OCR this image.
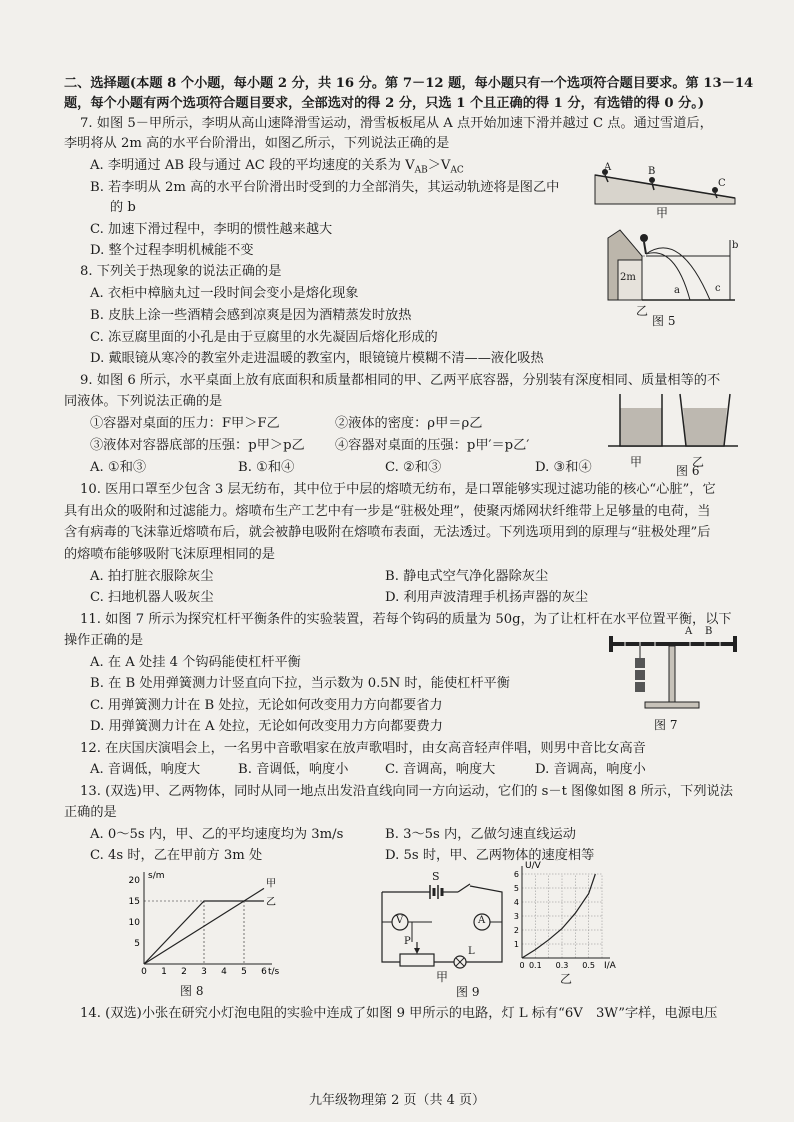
二、选择题(本题 8 个小题，每小题 2 分，共 16 分。第 7－12 题，每小题只有一个选项符合题目要求。第 13－14
题，每个小题有两个选项符合题目要求，全部选对的得 2 分，只选 1 个且正确的得 1 分，有选错的得 0 分。)
7. 如图 5－甲所示，李明从高山速降滑雪运动，滑雪板板尾从 A 点开始加速下滑并越过 C 点。通过雪道后，
李明将从 2m 高的水平台阶滑出，如图乙所示，下列说法正确的是
A. 李明通过 AB 段与通过 AC 段的平均速度的关系为 $V_{AB}>V_{AC}$
B. 若李明从 2m 高的水平台阶滑出时受到的力全部消失，其运动轨迹将是图乙中
的 b
C. 加速下滑过程中，李明的惯性越来越大
D. 整个过程李明机械能不变
A	B
C
甲
2m
a
b
c
乙
图 5
8. 下列关于热现象的说法正确的是
A. 衣柜中樟脑丸过一段时间会变小是熔化现象
B. 皮肤上涂一些酒精会感到凉爽是因为酒精蒸发时放热
C. 冻豆腐里面的小孔是由于豆腐里的水先凝固后熔化形成的
D. 戴眼镜从寒冷的教室外走进温暖的教室内，眼镜镜片模糊不清——液化吸热
9. 如图 6 所示，水平桌面上放有底面积和质量都相同的甲、乙两平底容器，分别装有深度相同、质量相等的不
同液体。下列说法正确的是
①容器对桌面的压力：F甲＞F乙	②液体的密度：ρ甲＝ρ乙
③液体对容器底部的压强：p甲＞p乙 ④容器对桌面的压强：p甲′＝p乙′
A. ①和③	B. ①和④	C. ②和③	D. ③和④	甲	乙
图 6
10. 医用口罩至少包含 3 层无纺布，其中位于中层的熔喷无纺布，是口罩能够实现过滤功能的核心“心脏”，它
具有出众的吸附和过滤能力。熔喷布生产工艺中有一步是“驻极处理”，使聚丙烯网状纤维带上足够量的电荷，当
含有病毒的飞沫靠近熔喷布后，就会被静电吸附在熔喷布表面，无法透过。下列选项用到的原理与“驻极处理”后
的熔喷布能够吸附飞沫原理相同的是
A. 拍打脏衣服除灰尘	B. 静电式空气净化器除灰尘
C. 扫地机器人吸灰尘	D. 利用声波清理手机扬声器的灰尘
11. 如图 7 所示为探究杠杆平衡条件的实验装置，若每个钩码的质量为 50g，为了让杠杆在水平位置平衡，以下
操作正确的是
A. 在 A 处挂 4 个钩码能使杠杆平衡
B. 在 B 处用弹簧测力计竖直向下拉，当示数为 0.5N 时，能使杠杆平衡
C. 用弹簧测力计在 B 处拉，无论如何改变用力方向都要省力
D. 用弹簧测力计在 A 处拉，无论如何改变用力方向都要费力
A B
图 7
12. 在庆国庆演唱会上，一名男中音歌唱家在放声歌唱时，由女高音轻声伴唱，则男中音比女高音
A. 音调低，响度大	B. 音调低，响度小	C. 音调高，响度大	D. 音调高，响度小
13. (双选)甲、乙两物体，同时从同一地点出发沿直线向同一方向运动，它们的 s－t 图像如图 8 所示，下列说法
正确的是
A. 0～5s 内，甲、乙的平均速度均为 3m/s	B. 3～5s 内，乙做匀速直线运动
C. 4s 时，乙在甲前方 3m 处	D. 5s 时，甲、乙两物体的速度相等
5
10
15
20
0 1 2 3 4 5 6
甲
乙
s/m
t/s
图 8
S
V	A
P
L
甲
1
2
3
4
5
6
0 0.1 0.3 0.5
U/V
I/A
乙
图 9
14. (双选)小张在研究小灯泡电阻的实验中连成了如图 9 甲所示的电路，灯 L 标有“6V　3W”字样，电源电压
九年级物理第 2 页（共 4 页）
